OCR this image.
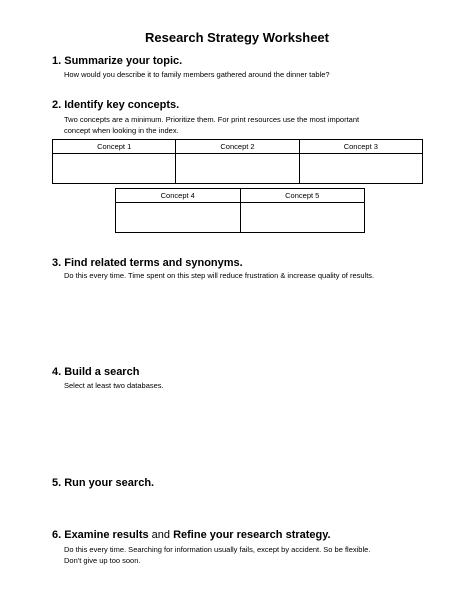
Research Strategy Worksheet
1. Summarize your topic.

How would you describe it to family members gathered around the dinner table?

2. Identify key concepts.

Two concepts are a minimum. Prioritize them. For print resources use the most important

concept when looking in the index.

Concept 1	Concept 2	Concept 3

Concept 4	Concept 5

3. Find related terms and synonyms.

Do this every time. Time spent on this step will reduce frustration & increase quality of results.

4. Build a search

Select at least two databases.

5. Run your search.
6. Examine results and Refine your research strategy.

Do this every time. Searching for information usually fails, except by accident. So be flexible.

Don't give up too soon.
